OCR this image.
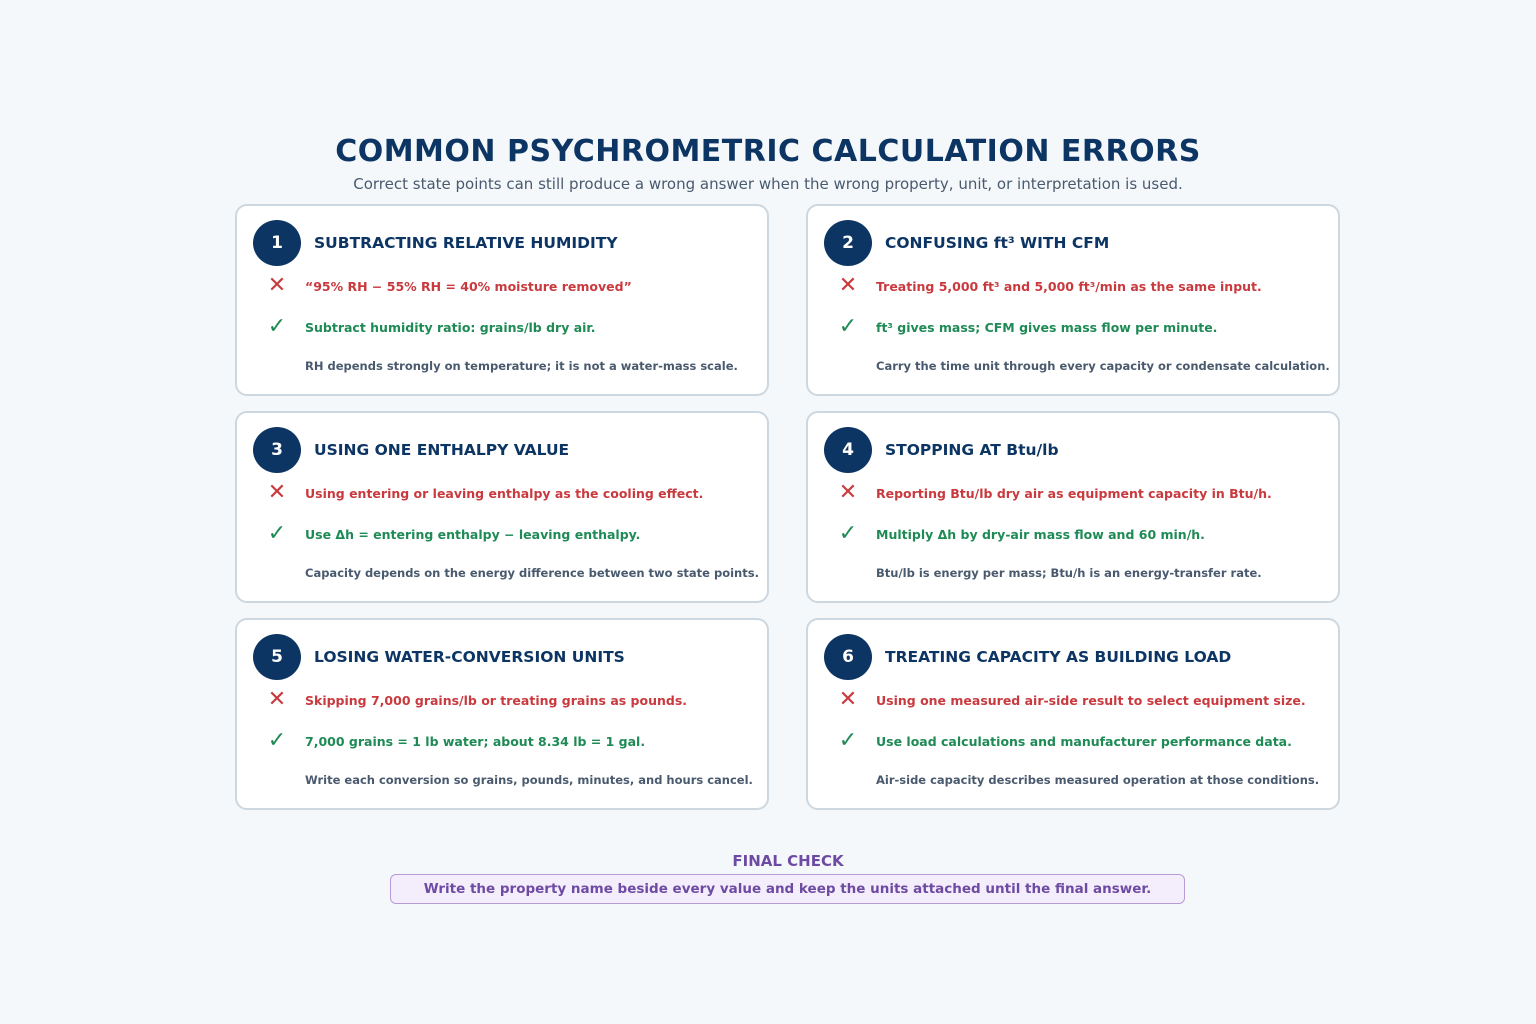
COMMON PSYCHROMETRIC CALCULATION ERRORS
Correct state points can still produce a wrong answer when the wrong property, unit, or interpretation is used.
1	SUBTRACTING RELATIVE HUMIDITY
✕ “95% RH − 55% RH = 40% moisture removed”
✓ Subtract humidity ratio: grains/lb dry air.
RH depends strongly on temperature; it is not a water-mass scale.
2	CONFUSING ft³ WITH CFM
✕ Treating 5,000 ft³ and 5,000 ft³/min as the same input.
✓ ft³ gives mass; CFM gives mass flow per minute.
Carry the time unit through every capacity or condensate calculation.
3	USING ONE ENTHALPY VALUE
✕ Using entering or leaving enthalpy as the cooling effect.
✓ Use Δh = entering enthalpy − leaving enthalpy.
Capacity depends on the energy difference between two state points.
4	STOPPING AT Btu/lb
✕ Reporting Btu/lb dry air as equipment capacity in Btu/h.
✓ Multiply Δh by dry-air mass flow and 60 min/h.
Btu/lb is energy per mass; Btu/h is an energy-transfer rate.
5	LOSING WATER-CONVERSION UNITS
✕ Skipping 7,000 grains/lb or treating grains as pounds.
✓ 7,000 grains = 1 lb water; about 8.34 lb = 1 gal.
Write each conversion so grains, pounds, minutes, and hours cancel.
6	TREATING CAPACITY AS BUILDING LOAD
✕ Using one measured air-side result to select equipment size.
✓ Use load calculations and manufacturer performance data.
Air-side capacity describes measured operation at those conditions.
FINAL CHECK
Write the property name beside every value and keep the units attached until the final answer.
